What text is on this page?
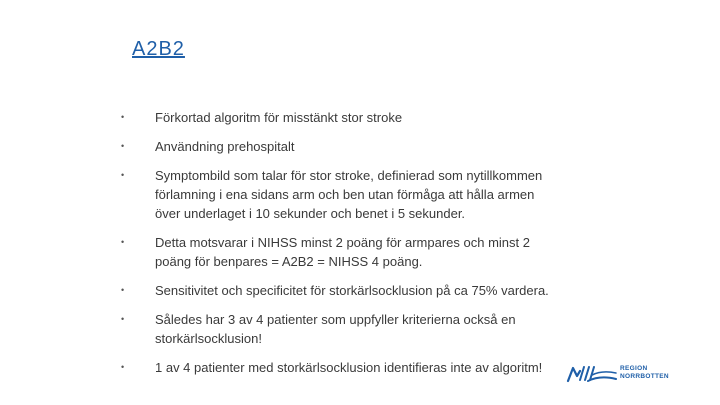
A2B2
•	Förkortad algoritm för misstänkt stor stroke
•	Användning prehospitalt
•	Symptombild som talar för stor stroke, definierad som nytillkommen
förlamning i ena sidans arm och ben utan förmåga att hålla armen
över underlaget i 10 sekunder och benet i 5 sekunder.
•	Detta motsvarar i NIHSS minst 2 poäng för armpares och minst 2
poäng för benpares = A2B2 = NIHSS 4 poäng.
•	Sensitivitet och specificitet för storkärlsocklusion på ca 75% vardera.
•	Således har 3 av 4 patienter som uppfyller kriterierna också en
storkärlsocklusion!
•	1 av 4 patienter med storkärlsocklusion identifieras inte av algoritm!	REGION
NORRBOTTEN
